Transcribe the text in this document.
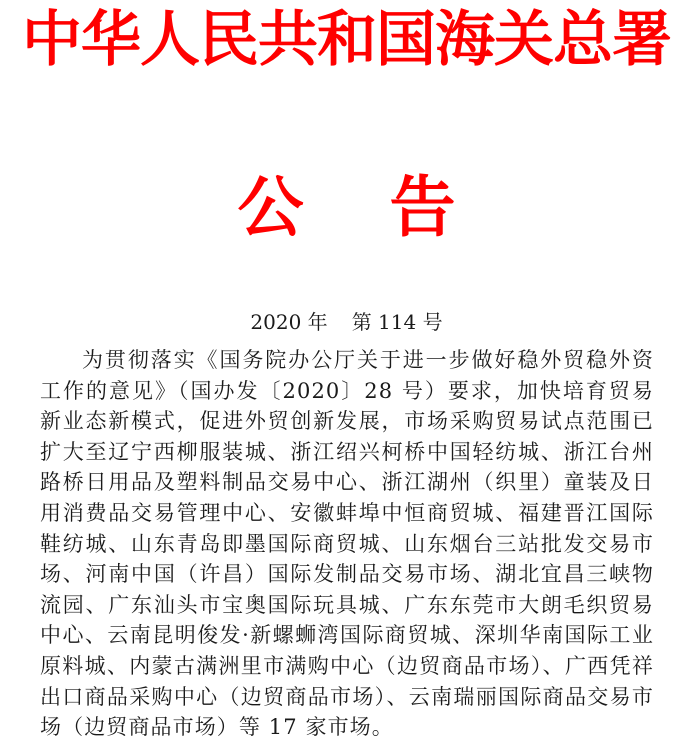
中华人民共和国海关总署
公告
2020 年 第 114 号

为贯彻落实《国务院办公厅关于进一步做好稳外贸稳外资工作的意见》（国办发〔2020〕28 号）要求，加快培育贸易新业态新模式，促进外贸创新发展，市场采购贸易试点范围已扩大至辽宁西柳服装城、浙江绍兴柯桥中国轻纺城、浙江台州路桥日用品及塑料制品交易中心、浙江湖州（织里）童装及日用消费品交易管理中心、安徽蚌埠中恒商贸城、福建晋江国际鞋纺城、山东青岛即墨国际商贸城、山东烟台三站批发交易市场、河南中国（许昌）国际发制品交易市场、湖北宜昌三峡物流园、广东汕头市宝奥国际玩具城、广东东莞市大朗毛织贸易中心、云南昆明俊发·新螺蛳湾国际商贸城、深圳华南国际工业原料城、内蒙古满洲里市满购中心（边贸商品市场）、广西凭祥出口商品采购中心（边贸商品市场）、云南瑞丽国际商品交易市场（边贸商品市场）等 17 家市场。
